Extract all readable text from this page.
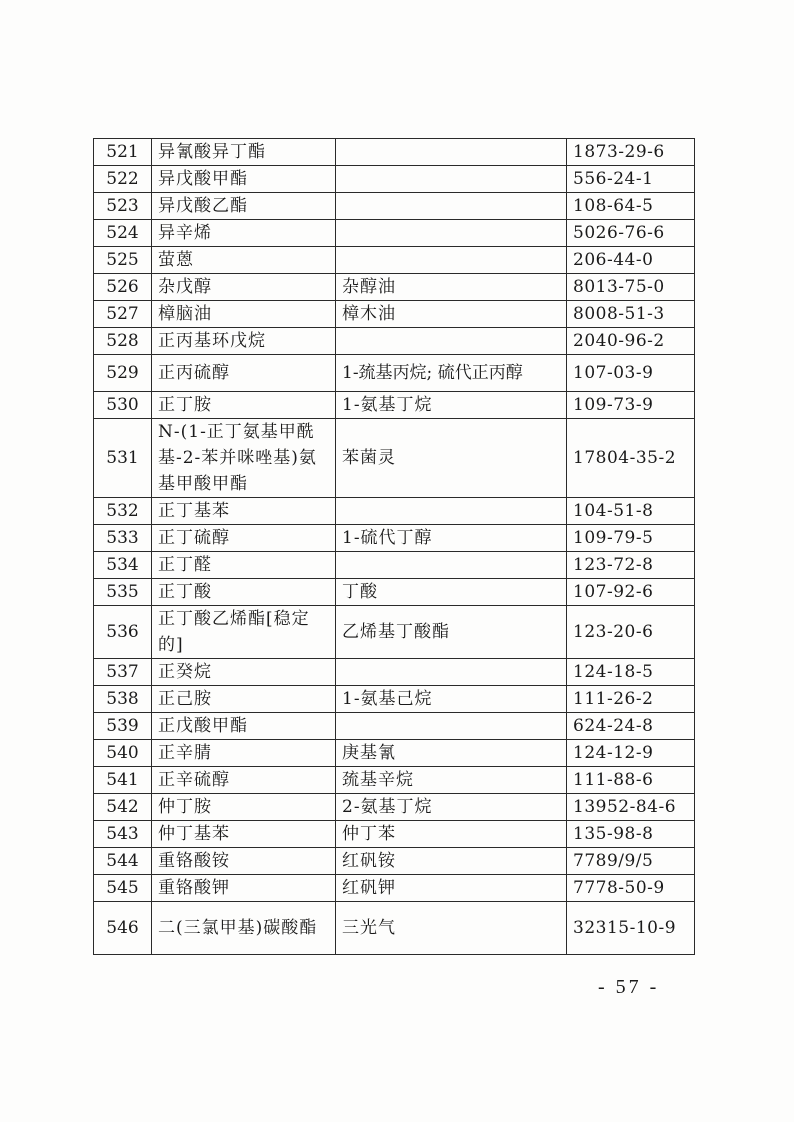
521	异氰酸异丁酯		1873-29-6
522	异戊酸甲酯		556-24-1
523	异戊酸乙酯		108-64-5
524	异辛烯		5026-76-6
525	萤蒽		206-44-0
526	杂戊醇	杂醇油	8013-75-0
527	樟脑油	樟木油	8008-51-3
528	正丙基环戊烷		2040-96-2
529	正丙硫醇	1-巯基丙烷; 硫代正丙醇	107-03-9
530	正丁胺	1-氨基丁烷	109-73-9
531	N-(1-正丁氨基甲酰基-2-苯并咪唑基)氨基甲酸甲酯	苯菌灵	17804-35-2
532	正丁基苯		104-51-8
533	正丁硫醇	1-硫代丁醇	109-79-5
534	正丁醛		123-72-8
535	正丁酸	丁酸	107-92-6
536	正丁酸乙烯酯[稳定的]	乙烯基丁酸酯	123-20-6
537	正癸烷		124-18-5
538	正己胺	1-氨基己烷	111-26-2
539	正戊酸甲酯		624-24-8
540	正辛腈	庚基氰	124-12-9
541	正辛硫醇	巯基辛烷	111-88-6
542	仲丁胺	2-氨基丁烷	13952-84-6
543	仲丁基苯	仲丁苯	135-98-8
544	重铬酸铵	红矾铵	7789/9/5
545	重铬酸钾	红矾钾	7778-50-9
546	二(三氯甲基)碳酸酯	三光气	32315-10-9
- 57 -
